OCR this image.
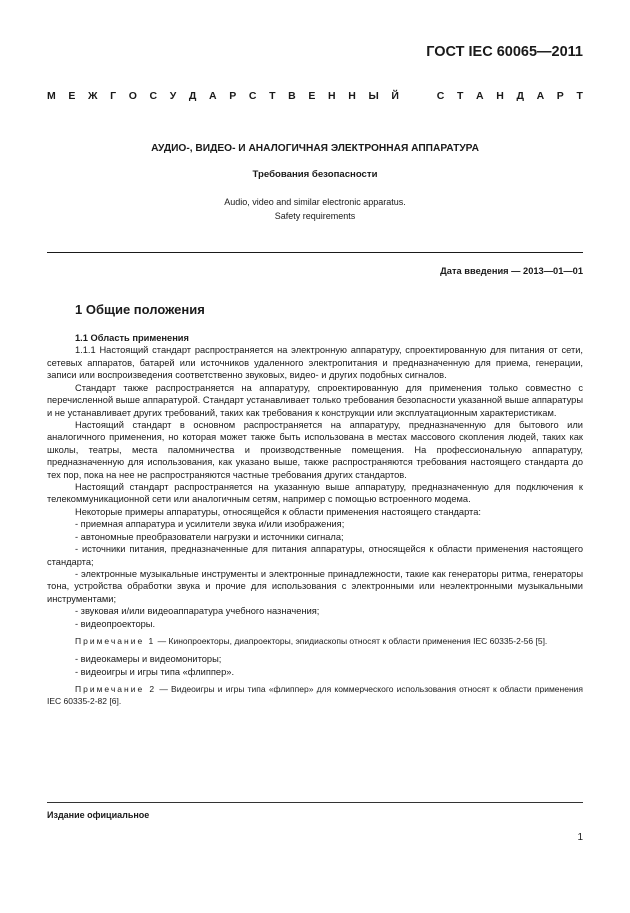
ГОСТ IEC 60065—2011
М Е Ж Г О С У Д А Р С Т В Е Н Н Ы Й	С Т А Н Д А Р Т
АУДИО-, ВИДЕО- И АНАЛОГИЧНАЯ ЭЛЕКТРОННАЯ АППАРАТУРА
Требования безопасности
Audio, video and similar electronic apparatus.
Safety requirements
Дата введения — 2013—01—01
1 Общие положения
1.1 Область применения

1.1.1 Настоящий стандарт распространяется на электронную аппаратуру, спроектированную для питания от сети, сетевых аппаратов, батарей или источников удаленного электропитания и предназначенную для приема, генерации, записи или воспроизведения соответственно звуковых, видео- и других подобных сигналов.

Стандарт также распространяется на аппаратуру, спроектированную для применения только совместно с перечисленной выше аппаратурой. Стандарт устанавливает только требования безопасности указанной выше аппаратуры и не устанавливает других требований, таких как требования к конструкции или эксплуатационным характеристикам.

Настоящий стандарт в основном распространяется на аппаратуру, предназначенную для бытового или аналогичного применения, но которая может также быть использована в местах массового скопления людей, таких как школы, театры, места паломничества и производственные помещения. На профессиональную аппаратуру, предназначенную для использования, как указано выше, также распространяются требования настоящего стандарта до тех пор, пока на нее не распространяются частные требования других стандартов.

Настоящий стандарт распространяется на указанную выше аппаратуру, предназначенную для подключения к телекоммуникационной сети или аналогичным сетям, например с помощью встроенного модема.

Некоторые примеры аппаратуры, относящейся к области применения настоящего стандарта:

- приемная аппаратура и усилители звука и/или изображения;

- автономные преобразователи нагрузки и источники сигнала;

- источники питания, предназначенные для питания аппаратуры, относящейся к области применения настоящего стандарта;

- электронные музыкальные инструменты и электронные принадлежности, такие как генераторы ритма, генераторы тона, устройства обработки звука и прочие для использования с электронными или неэлектронными музыкальными инструментами;

- звуковая и/или видеоаппаратура учебного назначения;

- видеопроекторы.

Примечание 1 — Кинопроекторы, диапроекторы, эпидиаскопы относят к области применения IEC 60335-2-56 [5].

- видеокамеры и видеомониторы;

- видеоигры и игры типа «флиппер».

Примечание 2 — Видеоигры и игры типа «флиппер» для коммерческого использования относят к области применения IEC 60335-2-82 [6].

Издание официальное
1
